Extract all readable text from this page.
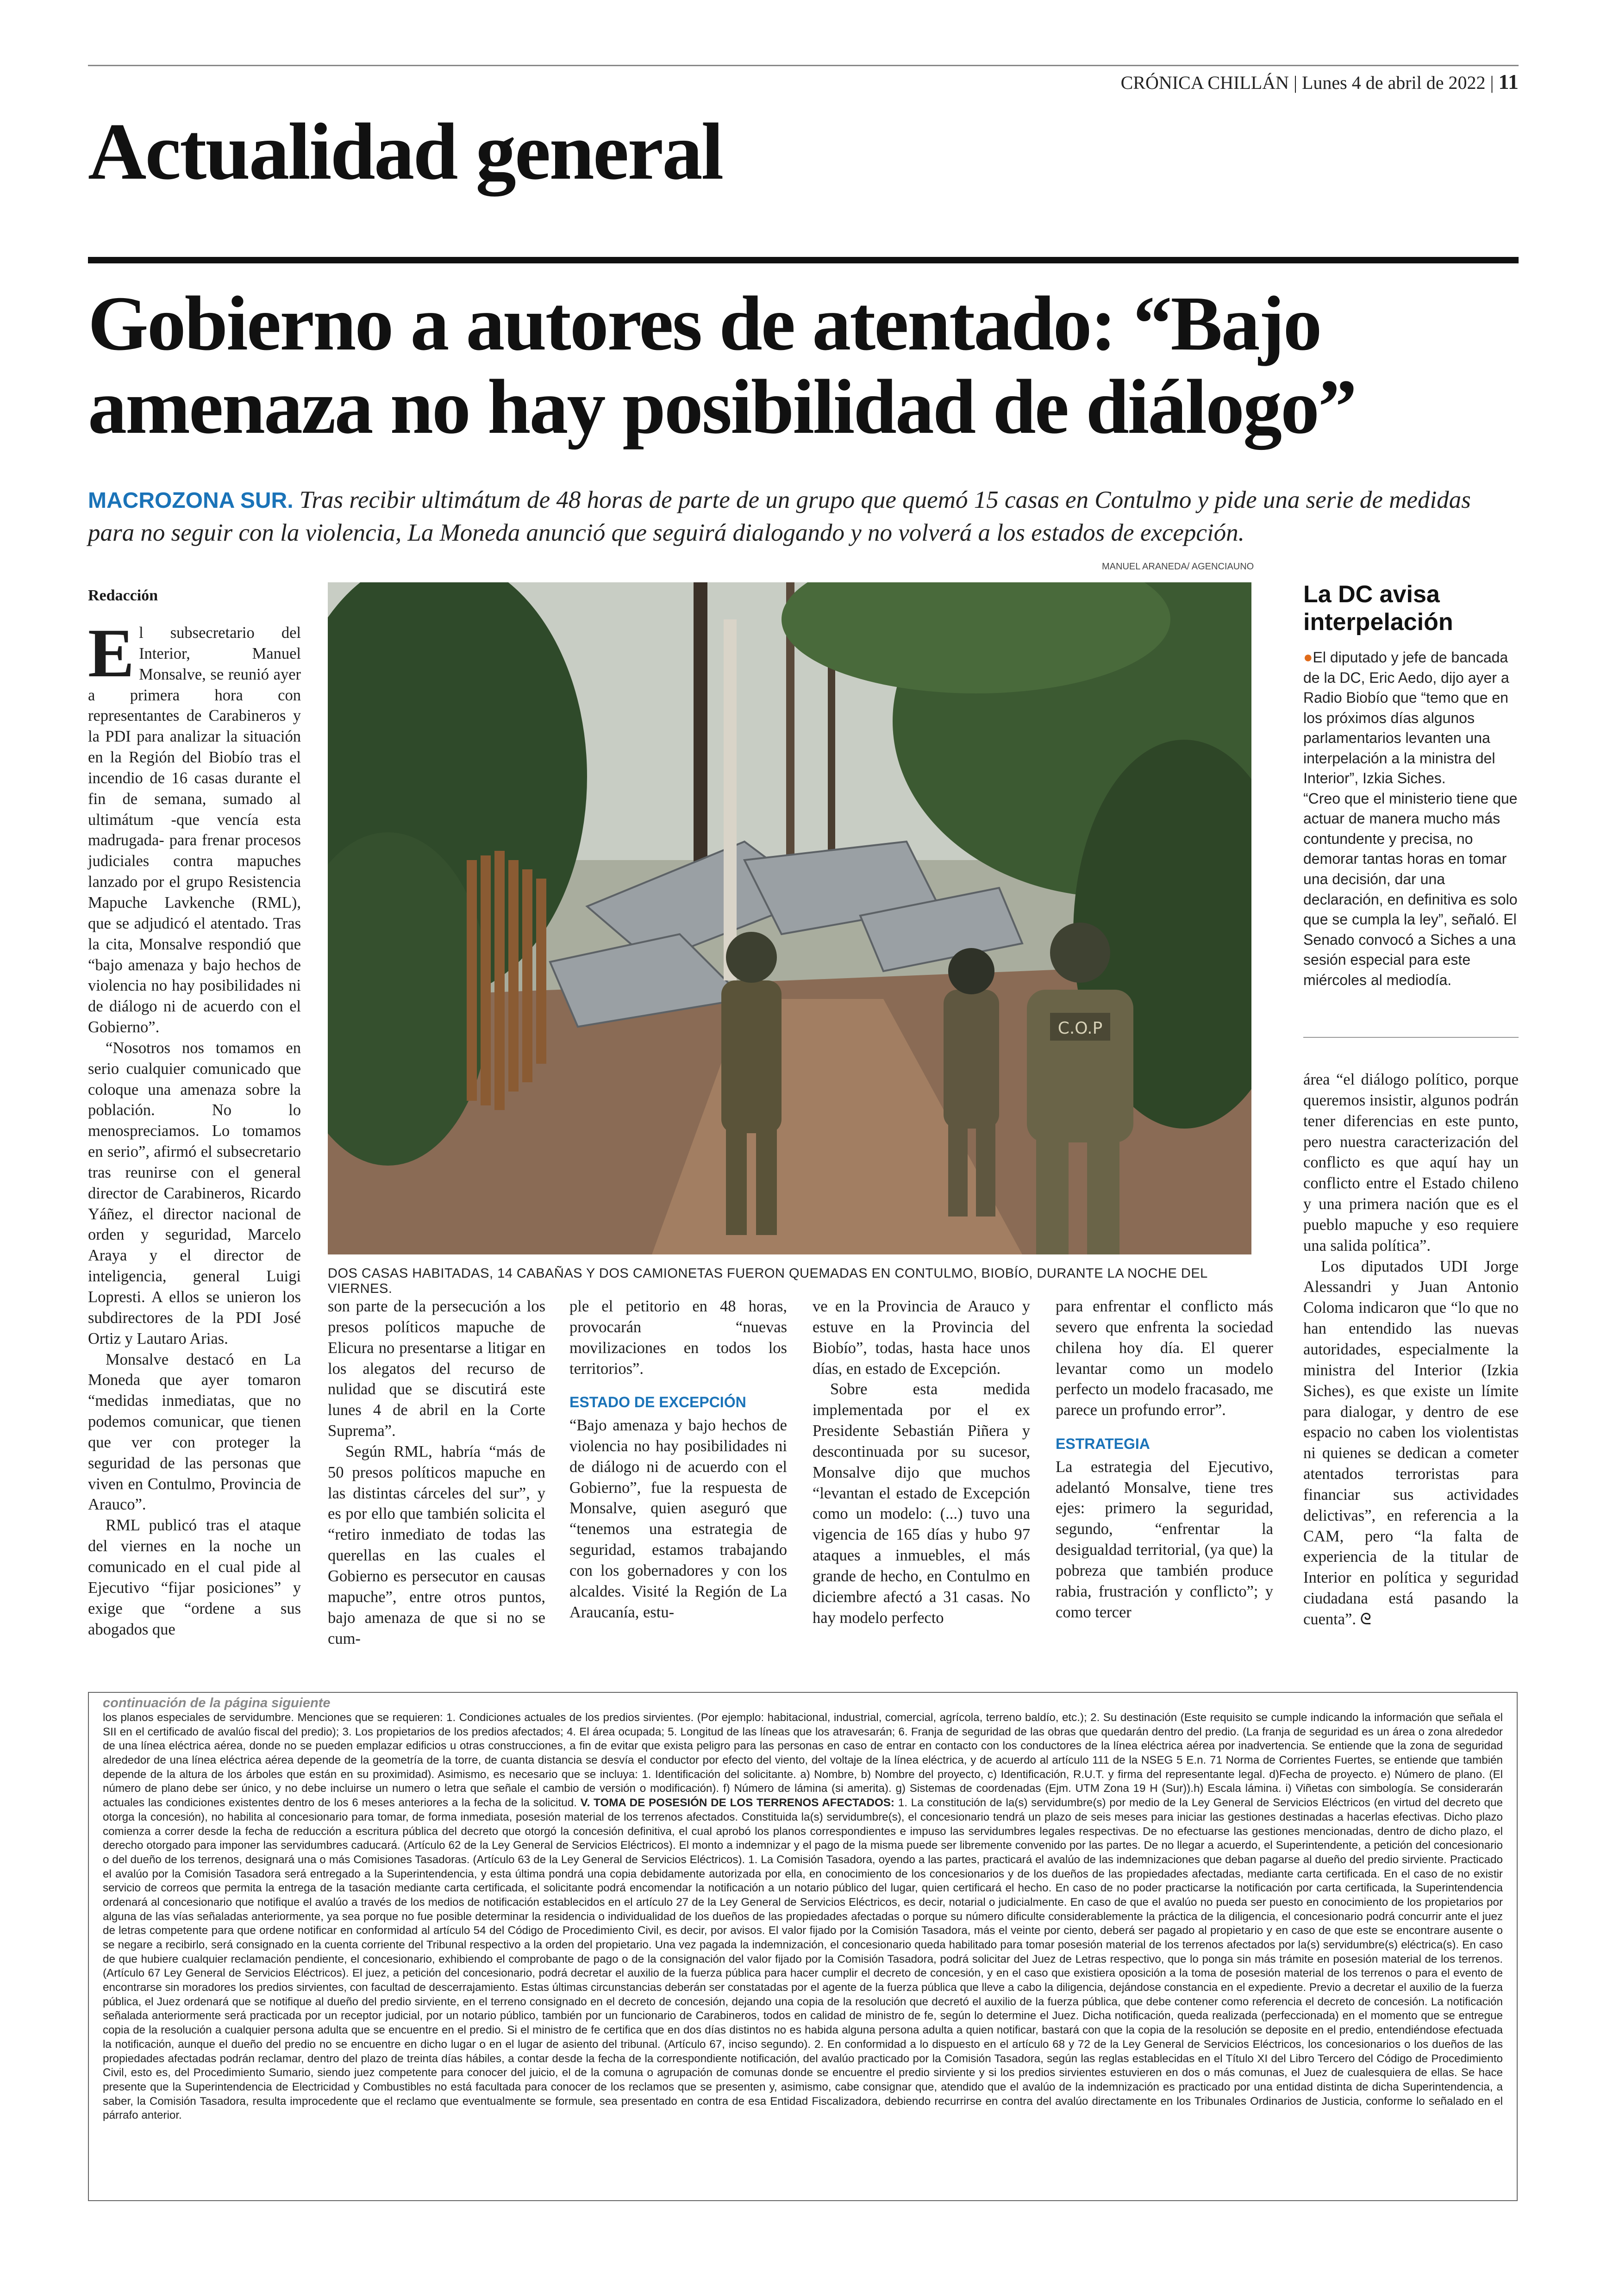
CRÓNICA CHILLÁN | Lunes 4 de abril de 2022 | 11
Actualidad general
Gobierno a autores de atentado: “Bajo amenaza no hay posibilidad de diálogo”
MACROZONA SUR. Tras recibir ultimátum de 48 horas de parte de un grupo que quemó 15 casas en Contulmo y pide una serie de medidas para no seguir con la violencia, La Moneda anunció que seguirá dialogando y no volverá a los estados de excepción.
MANUEL ARANEDA/ AGENCIAUNO
Redacción

El subsecretario del Interior, Manuel Monsalve, se reunió ayer a primera hora con representantes de Carabineros y la PDI para analizar la situación en la Región del Biobío tras el incendio de 16 casas durante el fin de semana, sumado al ultimátum -que vencía esta madrugada- para frenar procesos judiciales contra mapuches lanzado por el grupo Resistencia Mapuche Lavkenche (RML), que se adjudicó el atentado. Tras la cita, Monsalve respondió que “bajo amenaza y bajo hechos de violencia no hay posibilidades ni de diálogo ni de acuerdo con el Gobierno”.

“Nosotros nos tomamos en serio cualquier comunicado que coloque una amenaza sobre la población. No lo menospreciamos. Lo tomamos en serio”, afirmó el subsecretario tras reunirse con el general director de Carabineros, Ricardo Yáñez, el director nacional de orden y seguridad, Marcelo Araya y el director de inteligencia, general Luigi Lopresti. A ellos se unieron los subdirectores de la PDI José Ortiz y Lautaro Arias.

Monsalve destacó en La Moneda que ayer tomaron “medidas inmediatas, que no podemos comunicar, que tienen que ver con proteger la seguridad de las personas que viven en Contulmo, Provincia de Arauco”.

RML publicó tras el ataque del viernes en la noche un comunicado en el cual pide al Ejecutivo “fijar posiciones” y exige que “ordene a sus abogados que

C.O.P
DOS CASAS HABITADAS, 14 CABAÑAS Y DOS CAMIONETAS FUERON QUEMADAS EN CONTULMO, BIOBÍO, DURANTE LA NOCHE DEL VIERNES.
La DC avisa interpelación

●El diputado y jefe de bancada de la DC, Eric Aedo, dijo ayer a Radio Biobío que “temo que en los próximos días algunos parlamentarios levanten una interpelación a la ministra del Interior”, Izkia Siches.

“Creo que el ministerio tiene que actuar de manera mucho más contundente y precisa, no demorar tantas horas en tomar una decisión, dar una declaración, en definitiva es solo que se cumpla la ley”, señaló. El Senado convocó a Siches a una sesión especial para este miércoles al mediodía.

son parte de la persecución a los presos políticos mapuche de Elicura no presentarse a litigar en los alegatos del recurso de nulidad que se discutirá este lunes 4 de abril en la Corte Suprema”.

Según RML, habría “más de 50 presos políticos mapuche en las distintas cárceles del sur”, y es por ello que también solicita el “retiro inmediato de todas las querellas en las cuales el Gobierno es persecutor en causas mapuche”, entre otros puntos, bajo amenaza de que si no se cum-

ple el petitorio en 48 horas, provocarán “nuevas movilizaciones en todos los territorios”.

ESTADO DE EXCEPCIÓN

“Bajo amenaza y bajo hechos de violencia no hay posibilidades ni de diálogo ni de acuerdo con el Gobierno”, fue la respuesta de Monsalve, quien aseguró que “tenemos una estrategia de seguridad, estamos trabajando con los gobernadores y con los alcaldes. Visité la Región de La Araucanía, estu-

ve en la Provincia de Arauco y estuve en la Provincia del Biobío”, todas, hasta hace unos días, en estado de Excepción.

Sobre esta medida implementada por el ex Presidente Sebastián Piñera y descontinuada por su sucesor, Monsalve dijo que muchos “levantan el estado de Excepción como un modelo: (...) tuvo una vigencia de 165 días y hubo 97 ataques a inmuebles, el más grande de hecho, en Contulmo en diciembre afectó a 31 casas. No hay modelo perfecto

para enfrentar el conflicto más severo que enfrenta la sociedad chilena hoy día. El querer levantar como un modelo perfecto un modelo fracasado, me parece un profundo error”.

ESTRATEGIA

La estrategia del Ejecutivo, adelantó Monsalve, tiene tres ejes: primero la seguridad, segundo, “enfrentar la desigualdad territorial, (ya que) la pobreza que también produce rabia, frustración y conflicto”; y como tercer

área “el diálogo político, porque queremos insistir, algunos podrán tener diferencias en este punto, pero nuestra caracterización del conflicto es que aquí hay un conflicto entre el Estado chileno y una primera nación que es el pueblo mapuche y eso requiere una salida política”.

Los diputados UDI Jorge Alessandri y Juan Antonio Coloma indicaron que “lo que no han entendido las nuevas autoridades, especialmente la ministra del Interior (Izkia Siches), es que existe un límite para dialogar, y dentro de ese espacio no caben los violentistas ni quienes se dedican a cometer atentados terroristas para financiar sus actividades delictivas”, en referencia a la CAM, pero “la falta de experiencia de la titular de Interior en política y seguridad ciudadana está pasando la cuenta”. ᘓ

continuación de la página siguiente
los planos especiales de servidumbre. Menciones que se requieren: 1. Condiciones actuales de los predios sirvientes. (Por ejemplo: habitacional, industrial, comercial, agrícola, terreno baldío, etc.); 2. Su destinación (Este requisito se cumple indicando la información que señala el SII en el certificado de avalúo fiscal del predio); 3. Los propietarios de los predios afectados; 4. El área ocupada; 5. Longitud de las líneas que los atravesarán; 6. Franja de seguridad de las obras que quedarán dentro del predio. (La franja de seguridad es un área o zona alrededor de una línea eléctrica aérea, donde no se pueden emplazar edificios u otras construcciones, a fin de evitar que exista peligro para las personas en caso de entrar en contacto con los conductores de la línea eléctrica aérea por inadvertencia. Se entiende que la zona de seguridad alrededor de una línea eléctrica aérea depende de la geometría de la torre, de cuanta distancia se desvía el conductor por efecto del viento, del voltaje de la línea eléctrica, y de acuerdo al artículo 111 de la NSEG 5 E.n. 71 Norma de Corrientes Fuertes, se entiende que también depende de la altura de los árboles que están en su proximidad). Asimismo, es necesario que se incluya: 1. Identificación del solicitante. a) Nombre, b) Nombre del proyecto, c) Identificación, R.U.T. y firma del representante legal. d)Fecha de proyecto. e) Número de plano. (El número de plano debe ser único, y no debe incluirse un numero o letra que señale el cambio de versión o modificación). f) Número de lámina (si amerita). g) Sistemas de coordenadas (Ejm. UTM Zona 19 H (Sur)).h) Escala lámina. i) Viñetas con simbología. Se considerarán actuales las condiciones existentes dentro de los 6 meses anteriores a la fecha de la solicitud. V. TOMA DE POSESIÓN DE LOS TERRENOS AFECTADOS: 1. La constitución de la(s) servidumbre(s) por medio de la Ley General de Servicios Eléctricos (en virtud del decreto que otorga la concesión), no habilita al concesionario para tomar, de forma inmediata, posesión material de los terrenos afectados. Constituida la(s) servidumbre(s), el concesionario tendrá un plazo de seis meses para iniciar las gestiones destinadas a hacerlas efectivas. Dicho plazo comienza a correr desde la fecha de reducción a escritura pública del decreto que otorgó la concesión definitiva, el cual aprobó los planos correspondientes e impuso las servidumbres legales respectivas. De no efectuarse las gestiones mencionadas, dentro de dicho plazo, el derecho otorgado para imponer las servidumbres caducará. (Artículo 62 de la Ley General de Servicios Eléctricos). El monto a indemnizar y el pago de la misma puede ser libremente convenido por las partes. De no llegar a acuerdo, el Superintendente, a petición del concesionario o del dueño de los terrenos, designará una o más Comisiones Tasadoras. (Artículo 63 de la Ley General de Servicios Eléctricos). 1. La Comisión Tasadora, oyendo a las partes, practicará el avalúo de las indemnizaciones que deban pagarse al dueño del predio sirviente. Practicado el avalúo por la Comisión Tasadora será entregado a la Superintendencia, y esta última pondrá una copia debidamente autorizada por ella, en conocimiento de los concesionarios y de los dueños de las propiedades afectadas, mediante carta certificada. En el caso de no existir servicio de correos que permita la entrega de la tasación mediante carta certificada, el solicitante podrá encomendar la notificación a un notario público del lugar, quien certificará el hecho. En caso de no poder practicarse la notificación por carta certificada, la Superintendencia ordenará al concesionario que notifique el avalúo a través de los medios de notificación establecidos en el artículo 27 de la Ley General de Servicios Eléctricos, es decir, notarial o judicialmente. En caso de que el avalúo no pueda ser puesto en conocimiento de los propietarios por alguna de las vías señaladas anteriormente, ya sea porque no fue posible determinar la residencia o individualidad de los dueños de las propiedades afectadas o porque su número dificulte considerablemente la práctica de la diligencia, el concesionario podrá concurrir ante el juez de letras competente para que ordene notificar en conformidad al artículo 54 del Código de Procedimiento Civil, es decir, por avisos. El valor fijado por la Comisión Tasadora, más el veinte por ciento, deberá ser pagado al propietario y en caso de que este se encontrare ausente o se negare a recibirlo, será consignado en la cuenta corriente del Tribunal respectivo a la orden del propietario. Una vez pagada la indemnización, el concesionario queda habilitado para tomar posesión material de los terrenos afectados por la(s) servidumbre(s) eléctrica(s). En caso de que hubiere cualquier reclamación pendiente, el concesionario, exhibiendo el comprobante de pago o de la consignación del valor fijado por la Comisión Tasadora, podrá solicitar del Juez de Letras respectivo, que lo ponga sin más trámite en posesión material de los terrenos. (Artículo 67 Ley General de Servicios Eléctricos). El juez, a petición del concesionario, podrá decretar el auxilio de la fuerza pública para hacer cumplir el decreto de concesión, y en el caso que existiera oposición a la toma de posesión material de los terrenos o para el evento de encontrarse sin moradores los predios sirvientes, con facultad de descerrajamiento. Estas últimas circunstancias deberán ser constatadas por el agente de la fuerza pública que lleve a cabo la diligencia, dejándose constancia en el expediente. Previo a decretar el auxilio de la fuerza pública, el Juez ordenará que se notifique al dueño del predio sirviente, en el terreno consignado en el decreto de concesión, dejando una copia de la resolución que decretó el auxilio de la fuerza pública, que debe contener como referencia el decreto de concesión. La notificación señalada anteriormente será practicada por un receptor judicial, por un notario público, también por un funcionario de Carabineros, todos en calidad de ministro de fe, según lo determine el Juez. Dicha notificación, queda realizada (perfeccionada) en el momento que se entregue copia de la resolución a cualquier persona adulta que se encuentre en el predio. Si el ministro de fe certifica que en dos días distintos no es habida alguna persona adulta a quien notificar, bastará con que la copia de la resolución se deposite en el predio, entendiéndose efectuada la notificación, aunque el dueño del predio no se encuentre en dicho lugar o en el lugar de asiento del tribunal. (Artículo 67, inciso segundo). 2. En conformidad a lo dispuesto en el artículo 68 y 72 de la Ley General de Servicios Eléctricos, los concesionarios o los dueños de las propiedades afectadas podrán reclamar, dentro del plazo de treinta días hábiles, a contar desde la fecha de la correspondiente notificación, del avalúo practicado por la Comisión Tasadora, según las reglas establecidas en el Título XI del Libro Tercero del Código de Procedimiento Civil, esto es, del Procedimiento Sumario, siendo juez competente para conocer del juicio, el de la comuna o agrupación de comunas donde se encuentre el predio sirviente y si los predios sirvientes estuvieren en dos o más comunas, el Juez de cualesquiera de ellas. Se hace presente que la Superintendencia de Electricidad y Combustibles no está facultada para conocer de los reclamos que se presenten y, asimismo, cabe consignar que, atendido que el avalúo de la indemnización es practicado por una entidad distinta de dicha Superintendencia, a saber, la Comisión Tasadora, resulta improcedente que el reclamo que eventualmente se formule, sea presentado en contra de esa Entidad Fiscalizadora, debiendo recurrirse en contra del avalúo directamente en los Tribunales Ordinarios de Justicia, conforme lo señalado en el párrafo anterior.
